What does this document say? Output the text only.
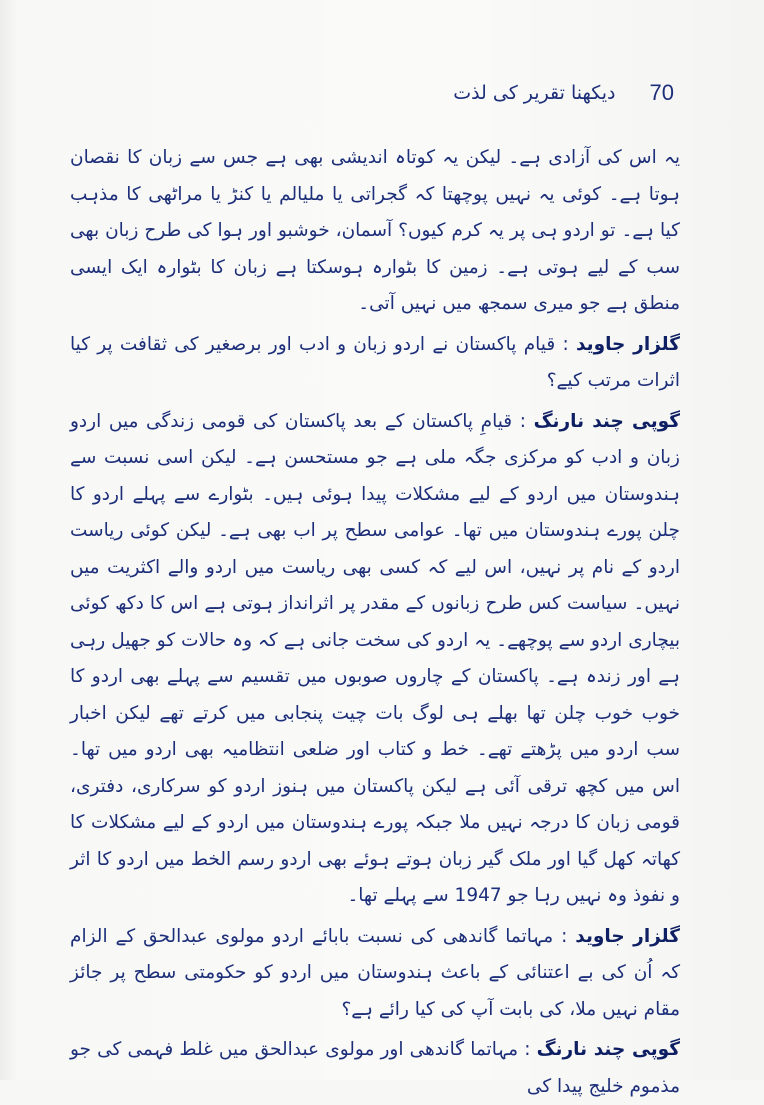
70
دیکھنا تقریر کی لذت

یہ اس کی آزادی ہے۔ لیکن یہ کوتاہ اندیشی بھی ہے جس سے زبان کا نقصان ہوتا ہے۔ کوئی یہ نہیں پوچھتا کہ گجراتی یا ملیالم یا کنڑ یا مراٹھی کا مذہب کیا ہے۔ تو اردو ہی پر یہ کرم کیوں؟ آسمان، خوشبو اور ہوا کی طرح زبان بھی سب کے لیے ہوتی ہے۔ زمین کا بٹوارہ ہوسکتا ہے زبان کا بٹوارہ ایک ایسی منطق ہے جو میری سمجھ میں نہیں آتی۔

گلزار جاوید : قیام پاکستان نے اردو زبان و ادب اور برصغیر کی ثقافت پر کیا اثرات مرتب کیے؟

گوپی چند نارنگ : قیامِ پاکستان کے بعد پاکستان کی قومی زندگی میں اردو زبان و ادب کو مرکزی جگہ ملی ہے جو مستحسن ہے۔ لیکن اسی نسبت سے ہندوستان میں اردو کے لیے مشکلات پیدا ہوئی ہیں۔ بٹوارے سے پہلے اردو کا چلن پورے ہندوستان میں تھا۔ عوامی سطح پر اب بھی ہے۔ لیکن کوئی ریاست اردو کے نام پر نہیں، اس لیے کہ کسی بھی ریاست میں اردو والے اکثریت میں نہیں۔ سیاست کس طرح زبانوں کے مقدر پر اثرانداز ہوتی ہے اس کا دکھ کوئی بیچاری اردو سے پوچھے۔ یہ اردو کی سخت جانی ہے کہ وہ حالات کو جھیل رہی ہے اور زندہ ہے۔ پاکستان کے چاروں صوبوں میں تقسیم سے پہلے بھی اردو کا خوب خوب چلن تھا بھلے ہی لوگ بات چیت پنجابی میں کرتے تھے لیکن اخبار سب اردو میں پڑھتے تھے۔ خط و کتاب اور ضلعی انتظامیہ بھی اردو میں تھا۔ اس میں کچھ ترقی آئی ہے لیکن پاکستان میں ہنوز اردو کو سرکاری، دفتری، قومی زبان کا درجہ نہیں ملا جبکہ پورے ہندوستان میں اردو کے لیے مشکلات کا کھاتہ کھل گیا اور ملک گیر زبان ہوتے ہوئے بھی اردو رسم الخط میں اردو کا اثر و نفوذ وہ نہیں رہا جو 1947 سے پہلے تھا۔

گلزار جاوید : مہاتما گاندھی کی نسبت بابائے اردو مولوی عبدالحق کے الزام کہ اُن کی بے اعتنائی کے باعث ہندوستان میں اردو کو حکومتی سطح پر جائز مقام نہیں ملا، کی بابت آپ کی کیا رائے ہے؟

گوپی چند نارنگ : مہاتما گاندھی اور مولوی عبدالحق میں غلط فہمی کی جو مذموم خلیج پیدا کی
